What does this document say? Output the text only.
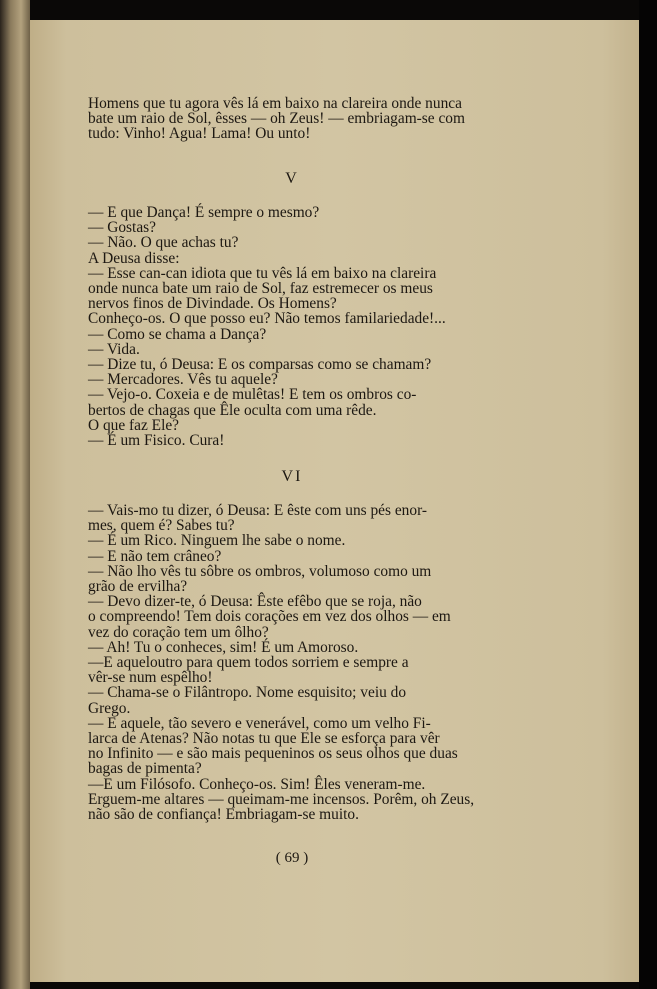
Homens que tu agora vês lá em baixo na clareira onde nunca
bate um raio de Sol, êsses — oh Zeus! — embriagam-se com
tudo: Vinho! Agua! Lama! Ou unto!

V

— E que Dança! É sempre o mesmo?
— Gostas?
— Não. O que achas tu?
A Deusa disse:
— Esse can-can idiota que tu vês lá em baixo na clareira
onde nunca bate um raio de Sol, faz estremecer os meus
nervos finos de Divindade. Os Homens?
Conheço-os. O que posso eu? Não temos familariedade!...
— Como se chama a Dança?
— Vida.
— Dize tu, ó Deusa: E os comparsas como se chamam?
— Mercadores. Vês tu aquele?
— Vejo-o. Coxeia e de mulêtas! E tem os ombros co-
bertos de chagas que Êle oculta com uma rêde.
O que faz Ele?
— É um Fisico. Cura!

VI

— Vais-mo tu dizer, ó Deusa: E êste com uns pés enor-
mes, quem é? Sabes tu?
— É um Rico. Ninguem lhe sabe o nome.
— E não tem crâneo?
— Não lho vês tu sôbre os ombros, volumoso como um
grão de ervilha?
— Devo dizer-te, ó Deusa: Êste efêbo que se roja, não
o compreendo! Tem dois corações em vez dos olhos — em
vez do coração tem um ôlho?
— Ah! Tu o conheces, sim! É um Amoroso.
—E aqueloutro para quem todos sorriem e sempre a
vêr-se num espêlho!
— Chama-se o Filântropo. Nome esquisito; veiu do
Grego.
— E aquele, tão severo e venerável, como um velho Fi-
larca de Atenas? Não notas tu que Ele se esforça para vêr
no Infinito — e são mais pequeninos os seus olhos que duas
bagas de pimenta?
—E um Filósofo. Conheço-os. Sim! Êles veneram-me.
Erguem-me altares — queimam-me incensos. Porêm, oh Zeus,
não são de confiança! Embriagam-se muito.

( 69 )
